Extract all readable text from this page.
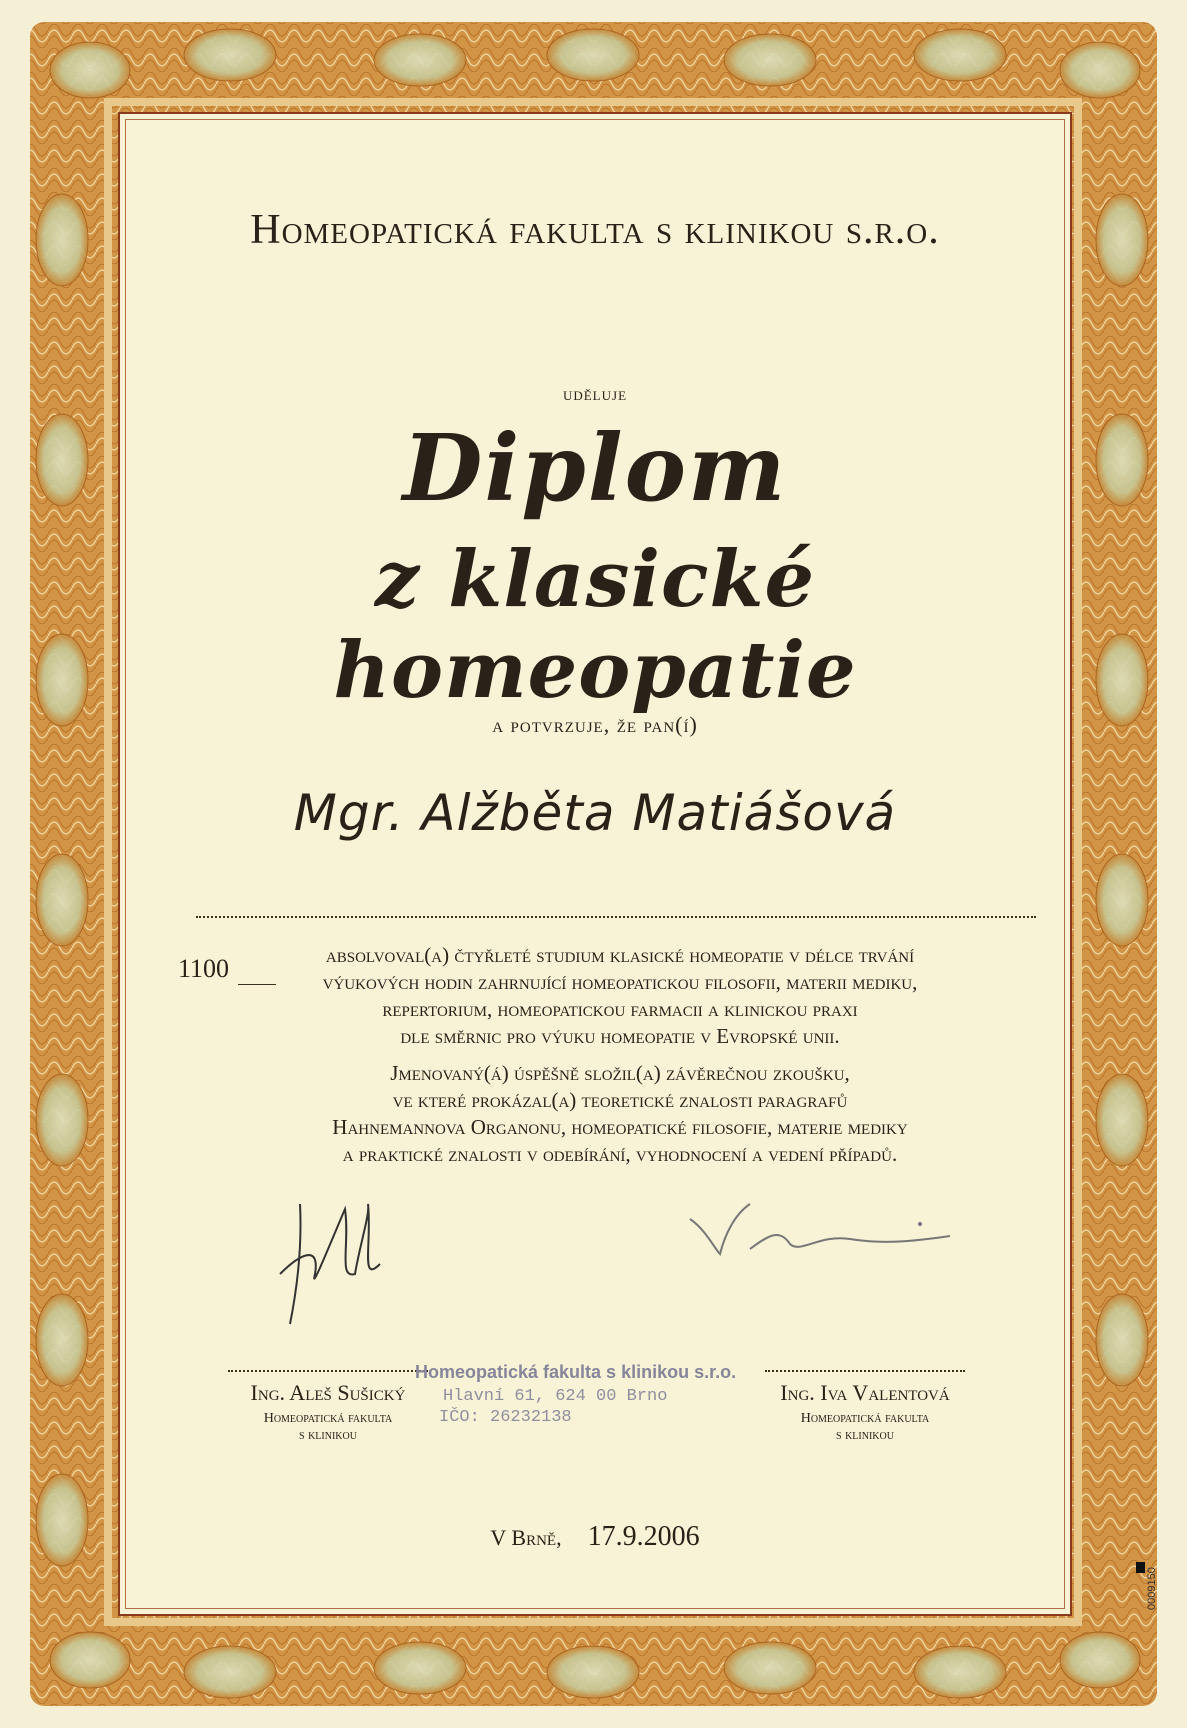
Homeopatická fakulta s klinikou s.r.o.
uděluje
Diplom
z klasické homeopatie
a potvrzuje, že pan(í)
Mgr. Alžběta Matiášová
1100	absolvoval(a) čtyřleté studium klasické homeopatie v délce trvání
výukových hodin zahrnující homeopatickou filosofii, materii mediku,
repertorium, homeopatickou farmacii a klinickou praxi
dle směrnic pro výuku homeopatie v Evropské unii.

Jmenovaný(á) úspěšně složil(a) závěrečnou zkoušku,
ve které prokázal(a) teoretické znalosti paragrafů
Hahnemannova Organonu, homeopatické filosofie, materie mediky
a praktické znalosti v odebírání, vyhodnocení a vedení případů.

Ing. Aleš Sušický
Homeopatická fakulta
s klinikou
Homeopatická fakulta s klinikou s.r.o.
Hlavní 61, 624 00 Brno
IČO: 26232138
Ing. Iva Valentová
Homeopatická fakulta
s klinikou
V Brně, 17.9.2006
0009150
